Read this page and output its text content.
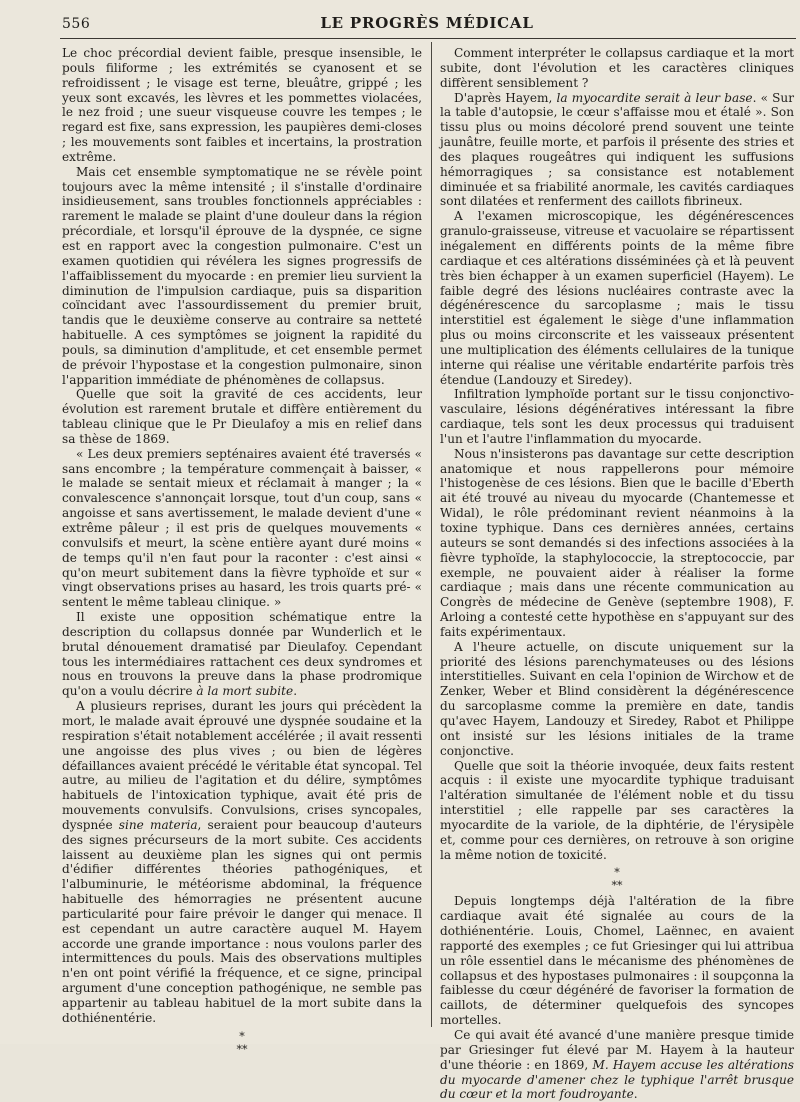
556	LE PROGRÈS MÉDICAL

Le choc précordial devient faible, presque insensible, le pouls filiforme ; les extrémités se cyanosent et se refroidissent ; le visage est terne, bleuâtre, grippé ; les yeux sont excavés, les lèvres et les pommettes violacées, le nez froid ; une sueur visqueuse couvre les tempes ; le regard est fixe, sans expression, les paupières demi-closes ; les mouvements sont faibles et incertains, la prostration extrême.

Mais cet ensemble symptomatique ne se révèle point toujours avec la même intensité ; il s'installe d'ordinaire insidieusement, sans troubles fonctionnels appréciables : rarement le malade se plaint d'une douleur dans la région précordiale, et lorsqu'il éprouve de la dyspnée, ce signe est en rapport avec la congestion pulmonaire. C'est un examen quotidien qui révélera les signes progressifs de l'affaiblissement du myocarde : en premier lieu survient la diminution de l'impulsion cardiaque, puis sa disparition coïncidant avec l'assourdissement du premier bruit, tandis que le deuxième conserve au contraire sa netteté habituelle. A ces symptômes se joignent la rapidité du pouls, sa diminution d'amplitude, et cet ensemble permet de prévoir l'hypostase et la congestion pulmonaire, sinon l'apparition immédiate de phénomènes de collapsus.

Quelle que soit la gravité de ces accidents, leur évolution est rarement brutale et diffère entièrement du tableau clinique que le Pr Dieulafoy a mis en relief dans sa thèse de 1869.

« Les deux premiers septénaires avaient été traversés « sans encombre ; la température commençait à baisser, « le malade se sentait mieux et réclamait à manger ; la « convalescence s'annonçait lorsque, tout d'un coup, sans « angoisse et sans avertissement, le malade devient d'une « extrême pâleur ; il est pris de quelques mouvements « convulsifs et meurt, la scène entière ayant duré moins « de temps qu'il n'en faut pour la raconter : c'est ainsi « qu'on meurt subitement dans la fièvre typhoïde et sur « vingt observations prises au hasard, les trois quarts pré- « sentent le même tableau clinique. »

Il existe une opposition schématique entre la description du collapsus donnée par Wunderlich et le brutal dénouement dramatisé par Dieulafoy. Cependant tous les intermédiaires rattachent ces deux syndromes et nous en trouvons la preuve dans la phase prodromique qu'on a voulu décrire à la mort subite.

A plusieurs reprises, durant les jours qui précèdent la mort, le malade avait éprouvé une dyspnée soudaine et la respiration s'était notablement accélérée ; il avait ressenti une angoisse des plus vives ; ou bien de légères défaillances avaient précédé le véritable état syncopal. Tel autre, au milieu de l'agitation et du délire, symptômes habituels de l'intoxication typhique, avait été pris de mouvements convulsifs. Convulsions, crises syncopales, dyspnée sine materia, seraient pour beaucoup d'auteurs des signes précurseurs de la mort subite. Ces accidents laissent au deuxième plan les signes qui ont permis d'édifier différentes théories pathogéniques, et l'albuminurie, le météorisme abdominal, la fréquence habituelle des hémorragies ne présentent aucune particularité pour faire prévoir le danger qui menace. Il est cependant un autre caractère auquel M. Hayem accorde une grande importance : nous voulons parler des intermittences du pouls. Mais des observations multiples n'en ont point vérifié la fréquence, et ce signe, principal argument d'une conception pathogénique, ne semble pas appartenir au tableau habituel de la mort subite dans la dothiénentérie.

*
**

Comment interpréter le collapsus cardiaque et la mort subite, dont l'évolution et les caractères cliniques diffèrent sensiblement ?

D'après Hayem, la myocardite serait à leur base. « Sur la table d'autopsie, le cœur s'affaisse mou et étalé ». Son tissu plus ou moins décoloré prend souvent une teinte jaunâtre, feuille morte, et parfois il présente des stries et des plaques rougeâtres qui indiquent les suffusions hémorragiques ; sa consistance est notablement diminuée et sa friabilité anormale, les cavités cardiaques sont dilatées et renferment des caillots fibrineux.

A l'examen microscopique, les dégénérescences granulo-graisseuse, vitreuse et vacuolaire se répartissent inégalement en différents points de la même fibre cardiaque et ces altérations disséminées çà et là peuvent très bien échapper à un examen superficiel (Hayem). Le faible degré des lésions nucléaires contraste avec la dégénérescence du sarcoplasme ; mais le tissu interstitiel est également le siège d'une inflammation plus ou moins circonscrite et les vaisseaux présentent une multiplication des éléments cellulaires de la tunique interne qui réalise une véritable endartérite parfois très étendue (Landouzy et Siredey).

Infiltration lymphoïde portant sur le tissu conjonctivo-vasculaire, lésions dégénératives intéressant la fibre cardiaque, tels sont les deux processus qui traduisent l'un et l'autre l'inflammation du myocarde.

Nous n'insisterons pas davantage sur cette description anatomique et nous rappellerons pour mémoire l'histogenèse de ces lésions. Bien que le bacille d'Eberth ait été trouvé au niveau du myocarde (Chantemesse et Widal), le rôle prédominant revient néanmoins à la toxine typhique. Dans ces dernières années, certains auteurs se sont demandés si des infections associées à la fièvre typhoïde, la staphylococcie, la streptococcie, par exemple, ne pouvaient aider à réaliser la forme cardiaque ; mais dans une récente communication au Congrès de médecine de Genève (septembre 1908), F. Arloing a contesté cette hypothèse en s'appuyant sur des faits expérimentaux.

A l'heure actuelle, on discute uniquement sur la priorité des lésions parenchymateuses ou des lésions interstitielles. Suivant en cela l'opinion de Wirchow et de Zenker, Weber et Blind considèrent la dégénérescence du sarcoplasme comme la première en date, tandis qu'avec Hayem, Landouzy et Siredey, Rabot et Philippe ont insisté sur les lésions initiales de la trame conjonctive.

Quelle que soit la théorie invoquée, deux faits restent acquis : il existe une myocardite typhique traduisant l'altération simultanée de l'élément noble et du tissu interstitiel ; elle rappelle par ses caractères la myocardite de la variole, de la diphtérie, de l'érysipèle et, comme pour ces dernières, on retrouve à son origine la même notion de toxicité.

*
**

Depuis longtemps déjà l'altération de la fibre cardiaque avait été signalée au cours de la dothiénentérie. Louis, Chomel, Laënnec, en avaient rapporté des exemples ; ce fut Griesinger qui lui attribua un rôle essentiel dans le mécanisme des phénomènes de collapsus et des hypostases pulmonaires : il soupçonna la faiblesse du cœur dégénéré de favoriser la formation de caillots, de déterminer quelquefois des syncopes mortelles.

Ce qui avait été avancé d'une manière presque timide par Griesinger fut élevé par M. Hayem à la hauteur d'une théorie : en 1869, M. Hayem accuse les altérations du myocarde d'amener chez le typhique l'arrêt brusque du cœur et la mort foudroyante.
